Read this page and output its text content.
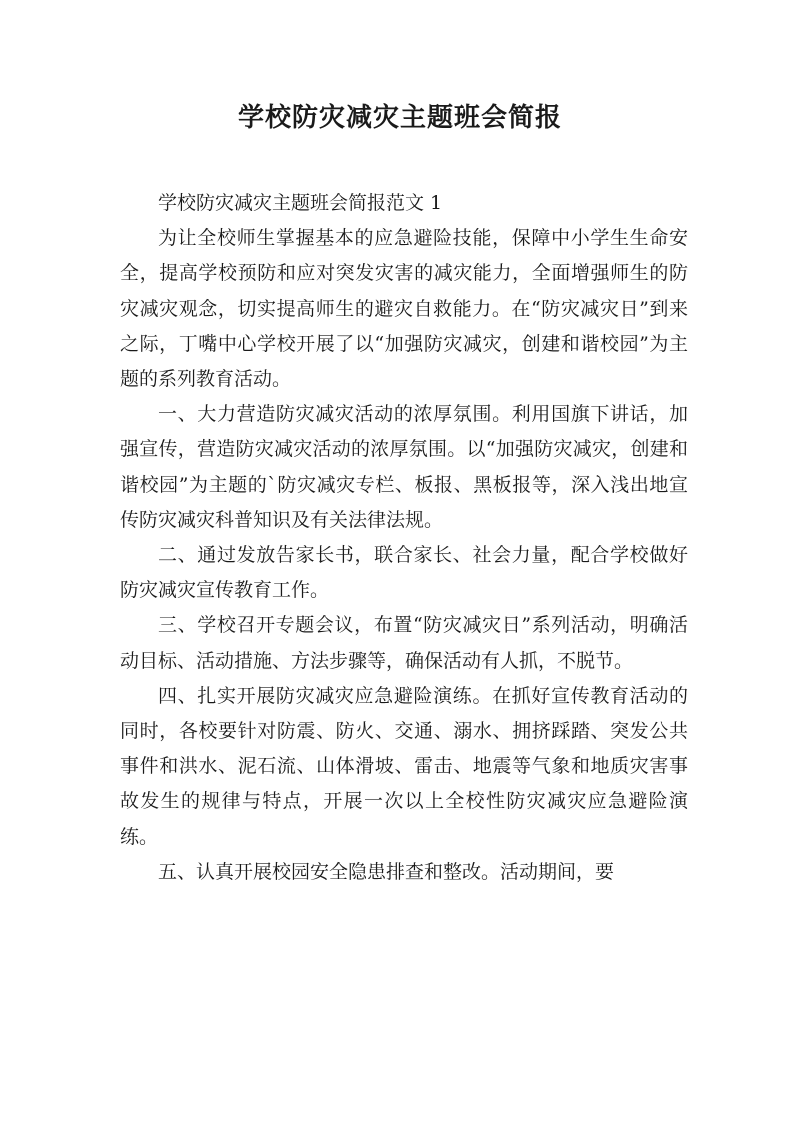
学校防灾减灾主题班会简报

学校防灾减灾主题班会简报范文 1

为让全校师生掌握基本的应急避险技能，保障中小学生生命安全，提高学校预防和应对突发灾害的减灾能力，全面增强师生的防灾减灾观念，切实提高师生的避灾自救能力。在“防灾减灾日”到来之际，丁嘴中心学校开展了以“加强防灾减灾，创建和谐校园”为主题的系列教育活动。

一、大力营造防灾减灾活动的浓厚氛围。利用国旗下讲话，加强宣传，营造防灾减灾活动的浓厚氛围。以“加强防灾减灾，创建和谐校园”为主题的`防灾减灾专栏、板报、黑板报等，深入浅出地宣传防灾减灾科普知识及有关法律法规。

二、通过发放告家长书，联合家长、社会力量，配合学校做好防灾减灾宣传教育工作。

三、学校召开专题会议，布置“防灾减灾日”系列活动，明确活动目标、活动措施、方法步骤等，确保活动有人抓，不脱节。

四、扎实开展防灾减灾应急避险演练。在抓好宣传教育活动的同时，各校要针对防震、防火、交通、溺水、拥挤踩踏、突发公共事件和洪水、泥石流、山体滑坡、雷击、地震等气象和地质灾害事故发生的规律与特点，开展一次以上全校性防灾减灾应急避险演练。

五、认真开展校园安全隐患排查和整改。活动期间，要
